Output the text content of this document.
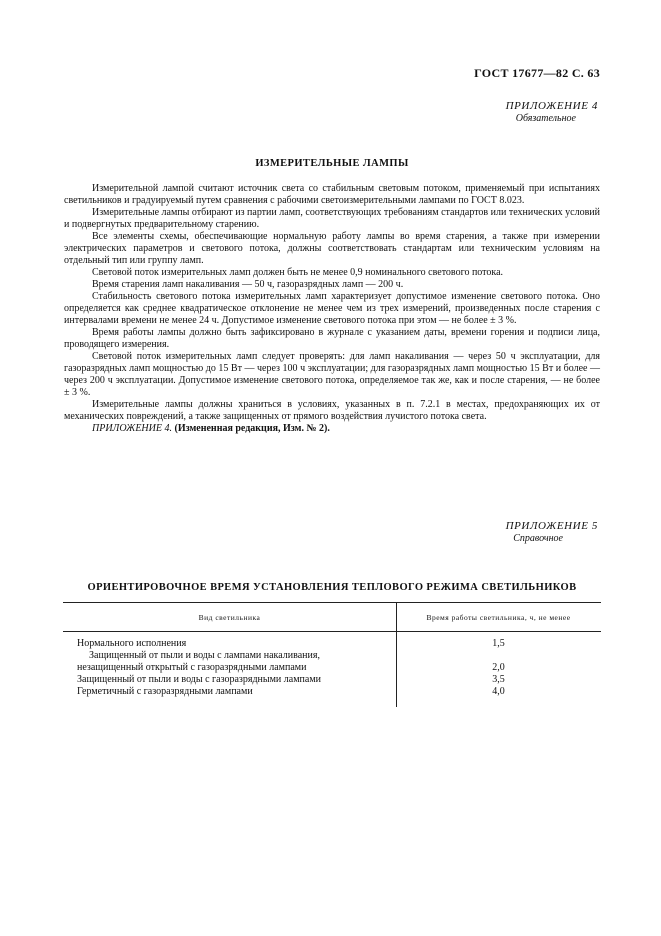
ГОСТ 17677—82 С. 63
ПРИЛОЖЕНИЕ 4
Обязательное
ИЗМЕРИТЕЛЬНЫЕ ЛАМПЫ

Измерительной лампой считают источник света со стабильным световым потоком, применяемый при испытаниях светильников и градуируемый путем сравнения с рабочими светоизмерительными лампами по ГОСТ 8.023.

Измерительные лампы отбирают из партии ламп, соответствующих требованиям стандартов или технических условий и подвергнутых предварительному старению.

Все элементы схемы, обеспечивающие нормальную работу лампы во время старения, а также при измерении электрических параметров и светового потока, должны соответствовать стандартам или техническим условиям на отдельный тип или группу ламп.

Световой поток измерительных ламп должен быть не менее 0,9 номинального светового потока.

Время старения ламп накаливания — 50 ч, газоразрядных ламп — 200 ч.

Стабильность светового потока измерительных ламп характеризует допустимое изменение светового потока. Оно определяется как среднее квадратическое отклонение не менее чем из трех измерений, произведенных после старения с интервалами времени не менее 24 ч. Допустимое изменение светового потока при этом — не более ± 3 %.

Время работы лампы должно быть зафиксировано в журнале с указанием даты, времени горения и подписи лица, проводящего измерения.

Световой поток измерительных ламп следует проверять: для ламп накаливания — через 50 ч эксплуатации, для газоразрядных ламп мощностью до 15 Вт — через 100 ч эксплуатации; для газоразрядных ламп мощностью 15 Вт и более — через 200 ч эксплуатации. Допустимое изменение светового потока, определяемое так же, как и после старения, — не более ± 3 %.

Измерительные лампы должны храниться в условиях, указанных в п. 7.2.1 в местах, предохраняющих их от механических повреждений, а также защищенных от прямого воздействия лучистого потока света.

ПРИЛОЖЕНИЕ 4. (Измененная редакция, Изм. № 2).

ПРИЛОЖЕНИЕ 5
Справочное
ОРИЕНТИРОВОЧНОЕ ВРЕМЯ УСТАНОВЛЕНИЯ ТЕПЛОВОГО РЕЖИМА СВЕТИЛЬНИКОВ
Вид светильника	Время работы светильника, ч, не менее
Нормального исполнения	1,5
Защищенный от пыли и воды с лампами накаливания, незащищенный открытый с газоразрядными лампами	2,0
Защищенный от пыли и воды с газоразрядными лампами	3,5
Герметичный с газоразрядными лампами	4,0
